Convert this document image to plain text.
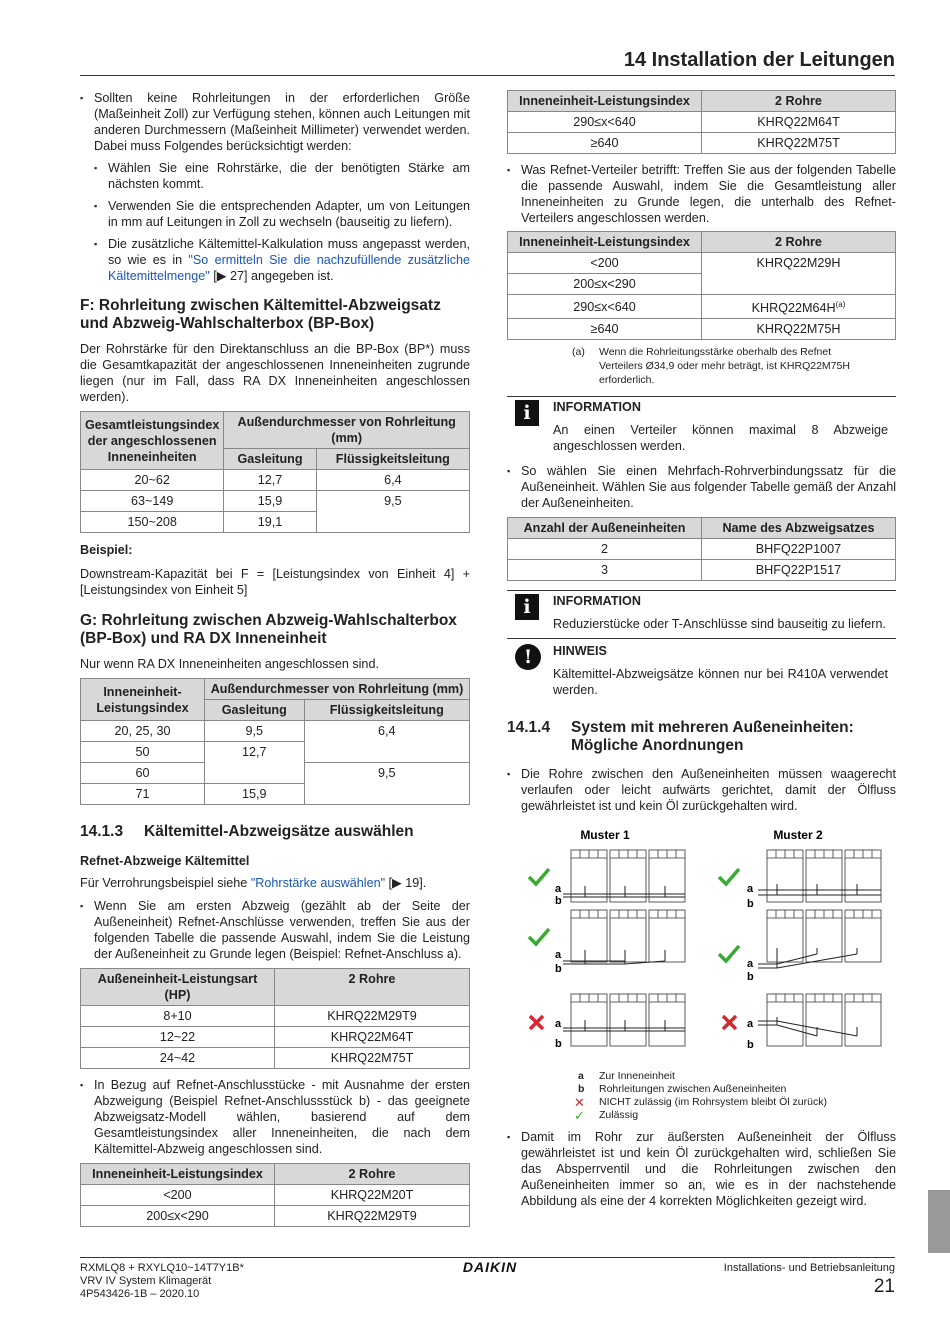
14 Installation der Leitungen
▪ Sollten keine Rohrleitungen in der erforderlichen Größe (Maßeinheit Zoll) zur Verfügung stehen, können auch Leitungen mit anderen Durchmessern (Maßeinheit Millimeter) verwendet werden. Dabei muss Folgendes berücksichtigt werden:
▪ Wählen Sie eine Rohrstärke, die der benötigten Stärke am nächsten kommt.
▪ Verwenden Sie die entsprechenden Adapter, um von Leitungen in mm auf Leitungen in Zoll zu wechseln (bauseitig zu liefern).
▪ Die zusätzliche Kältemittel-Kalkulation muss angepasst werden, so wie es in "So ermitteln Sie die nachzufüllende zusätzliche Kältemittelmenge" [▶ 27] angegeben ist.
F: Rohrleitung zwischen Kältemittel-Abzweigsatz und Abzweig-Wahlschalterbox (BP-Box)

Der Rohrstärke für den Direktanschluss an die BP-Box (BP*) muss die Gesamtkapazität der angeschlossenen Inneneinheiten zugrunde liegen (nur im Fall, dass RA DX Inneneinheiten angeschlossen werden).

Gesamtleistungsindex der angeschlossenen Inneneinheiten	Außendurchmesser von Rohrleitung (mm)	
	Gasleitung	Flüssigkeitsleitung
20~62	12,7	6,4
63~149	15,9	9,5
150~208	19,1	

Beispiel:

Downstream-Kapazität bei F = [Leistungsindex von Einheit 4] + [Leistungsindex von Einheit 5]

G: Rohrleitung zwischen Abzweig-Wahlschalterbox (BP-Box) und RA DX Inneneinheit

Nur wenn RA DX Inneneinheiten angeschlossen sind.

Inneneinheit-Leistungsindex	Außendurchmesser von Rohrleitung (mm)	
	Gasleitung	Flüssigkeitsleitung
20, 25, 30	9,5	6,4
50	12,7	
60		9,5
71	15,9	
14.1.3 Kältemittel-Abzweigsätze auswählen

Refnet-Abzweige Kältemittel

Für Verrohrungsbeispiel siehe "Rohrstärke auswählen" [▶ 19].

▪ Wenn Sie am ersten Abzweig (gezählt ab der Seite der Außeneinheit) Refnet-Anschlüsse verwenden, treffen Sie aus der folgenden Tabelle die passende Auswahl, indem Sie die Leistung der Außeneinheit zu Grunde legen (Beispiel: Refnet-Anschluss a).
Außeneinheit-Leistungsart (HP)	2 Rohre
8+10	KHRQ22M29T9
12~22	KHRQ22M64T
24~42	KHRQ22M75T
▪ In Bezug auf Refnet-Anschlusstücke - mit Ausnahme der ersten Abzweigung (Beispiel Refnet-Anschlussstück b) - das geeignete Abzweigsatz-Modell wählen, basierend auf dem Gesamtleistungsindex aller Inneneinheiten, die nach dem Kältemittel-Abzweig angeschlossen sind.
Inneneinheit-Leistungsindex	2 Rohre
<200	KHRQ22M20T
200≤x<290	KHRQ22M29T9
Inneneinheit-Leistungsindex	2 Rohre
290≤x<640	KHRQ22M64T
≥640	KHRQ22M75T
▪ Was Refnet-Verteiler betrifft: Treffen Sie aus der folgenden Tabelle die passende Auswahl, indem Sie die Gesamtleistung aller Inneneinheiten zu Grunde legen, die unterhalb des Refnet-Verteilers angeschlossen werden.
Inneneinheit-Leistungsindex	2 Rohre
<200	KHRQ22M29H
200≤x<290	
290≤x<640	$KHRQ22M64H^{(a)}$
≥640	KHRQ22M75H
(a) Wenn die Rohrleitungsstärke oberhalb des Refnet Verteilers Ø34,9 oder mehr beträgt, ist KHRQ22M75H erforderlich.
i	INFORMATION
An einen Verteiler können maximal 8 Abzweige angeschlossen werden.
▪ So wählen Sie einen Mehrfach-Rohrverbindungssatz für die Außeneinheit. Wählen Sie aus folgender Tabelle gemäß der Anzahl der Außeneinheiten.
Anzahl der Außeneinheiten	Name des Abzweigsatzes
2	BHFQ22P1007
3	BHFQ22P1517
i	INFORMATION
Reduzierstücke oder T-Anschlüsse sind bauseitig zu liefern.
!	HINWEIS
Kältemittel-Abzweigsätze können nur bei R410A verwendet werden.
14.1.4 System mit mehreren Außeneinheiten: Mögliche Anordnungen
▪ Die Rohre zwischen den Außeneinheiten müssen waagerecht verlaufen oder leicht aufwärts gerichtet, damit der Ölfluss gewährleistet ist und kein Öl zurückgehalten wird.
Muster 1	Muster 2
a
b
a
b
a
b	a
b
a
b
a
b
a Zur Inneneinheit
b Rohrleitungen zwischen Außeneinheiten
✕ NICHT zulässig (im Rohrsystem bleibt Öl zurück)
✓ Zulässig
▪ Damit im Rohr zur äußersten Außeneinheit der Ölfluss gewährleistet ist und kein Öl zurückgehalten wird, schließen Sie das Absperrventil und die Rohrleitungen zwischen den Außeneinheiten immer so an, wie es in der nachstehende Abbildung als eine der 4 korrekten Möglichkeiten gezeigt wird.
RXMLQ8 + RXYLQ10~14T7Y1B*
VRV IV System Klimagerät
4P543426-1B – 2020.10
DAIKIN	Installations- und Betriebsanleitung
21
